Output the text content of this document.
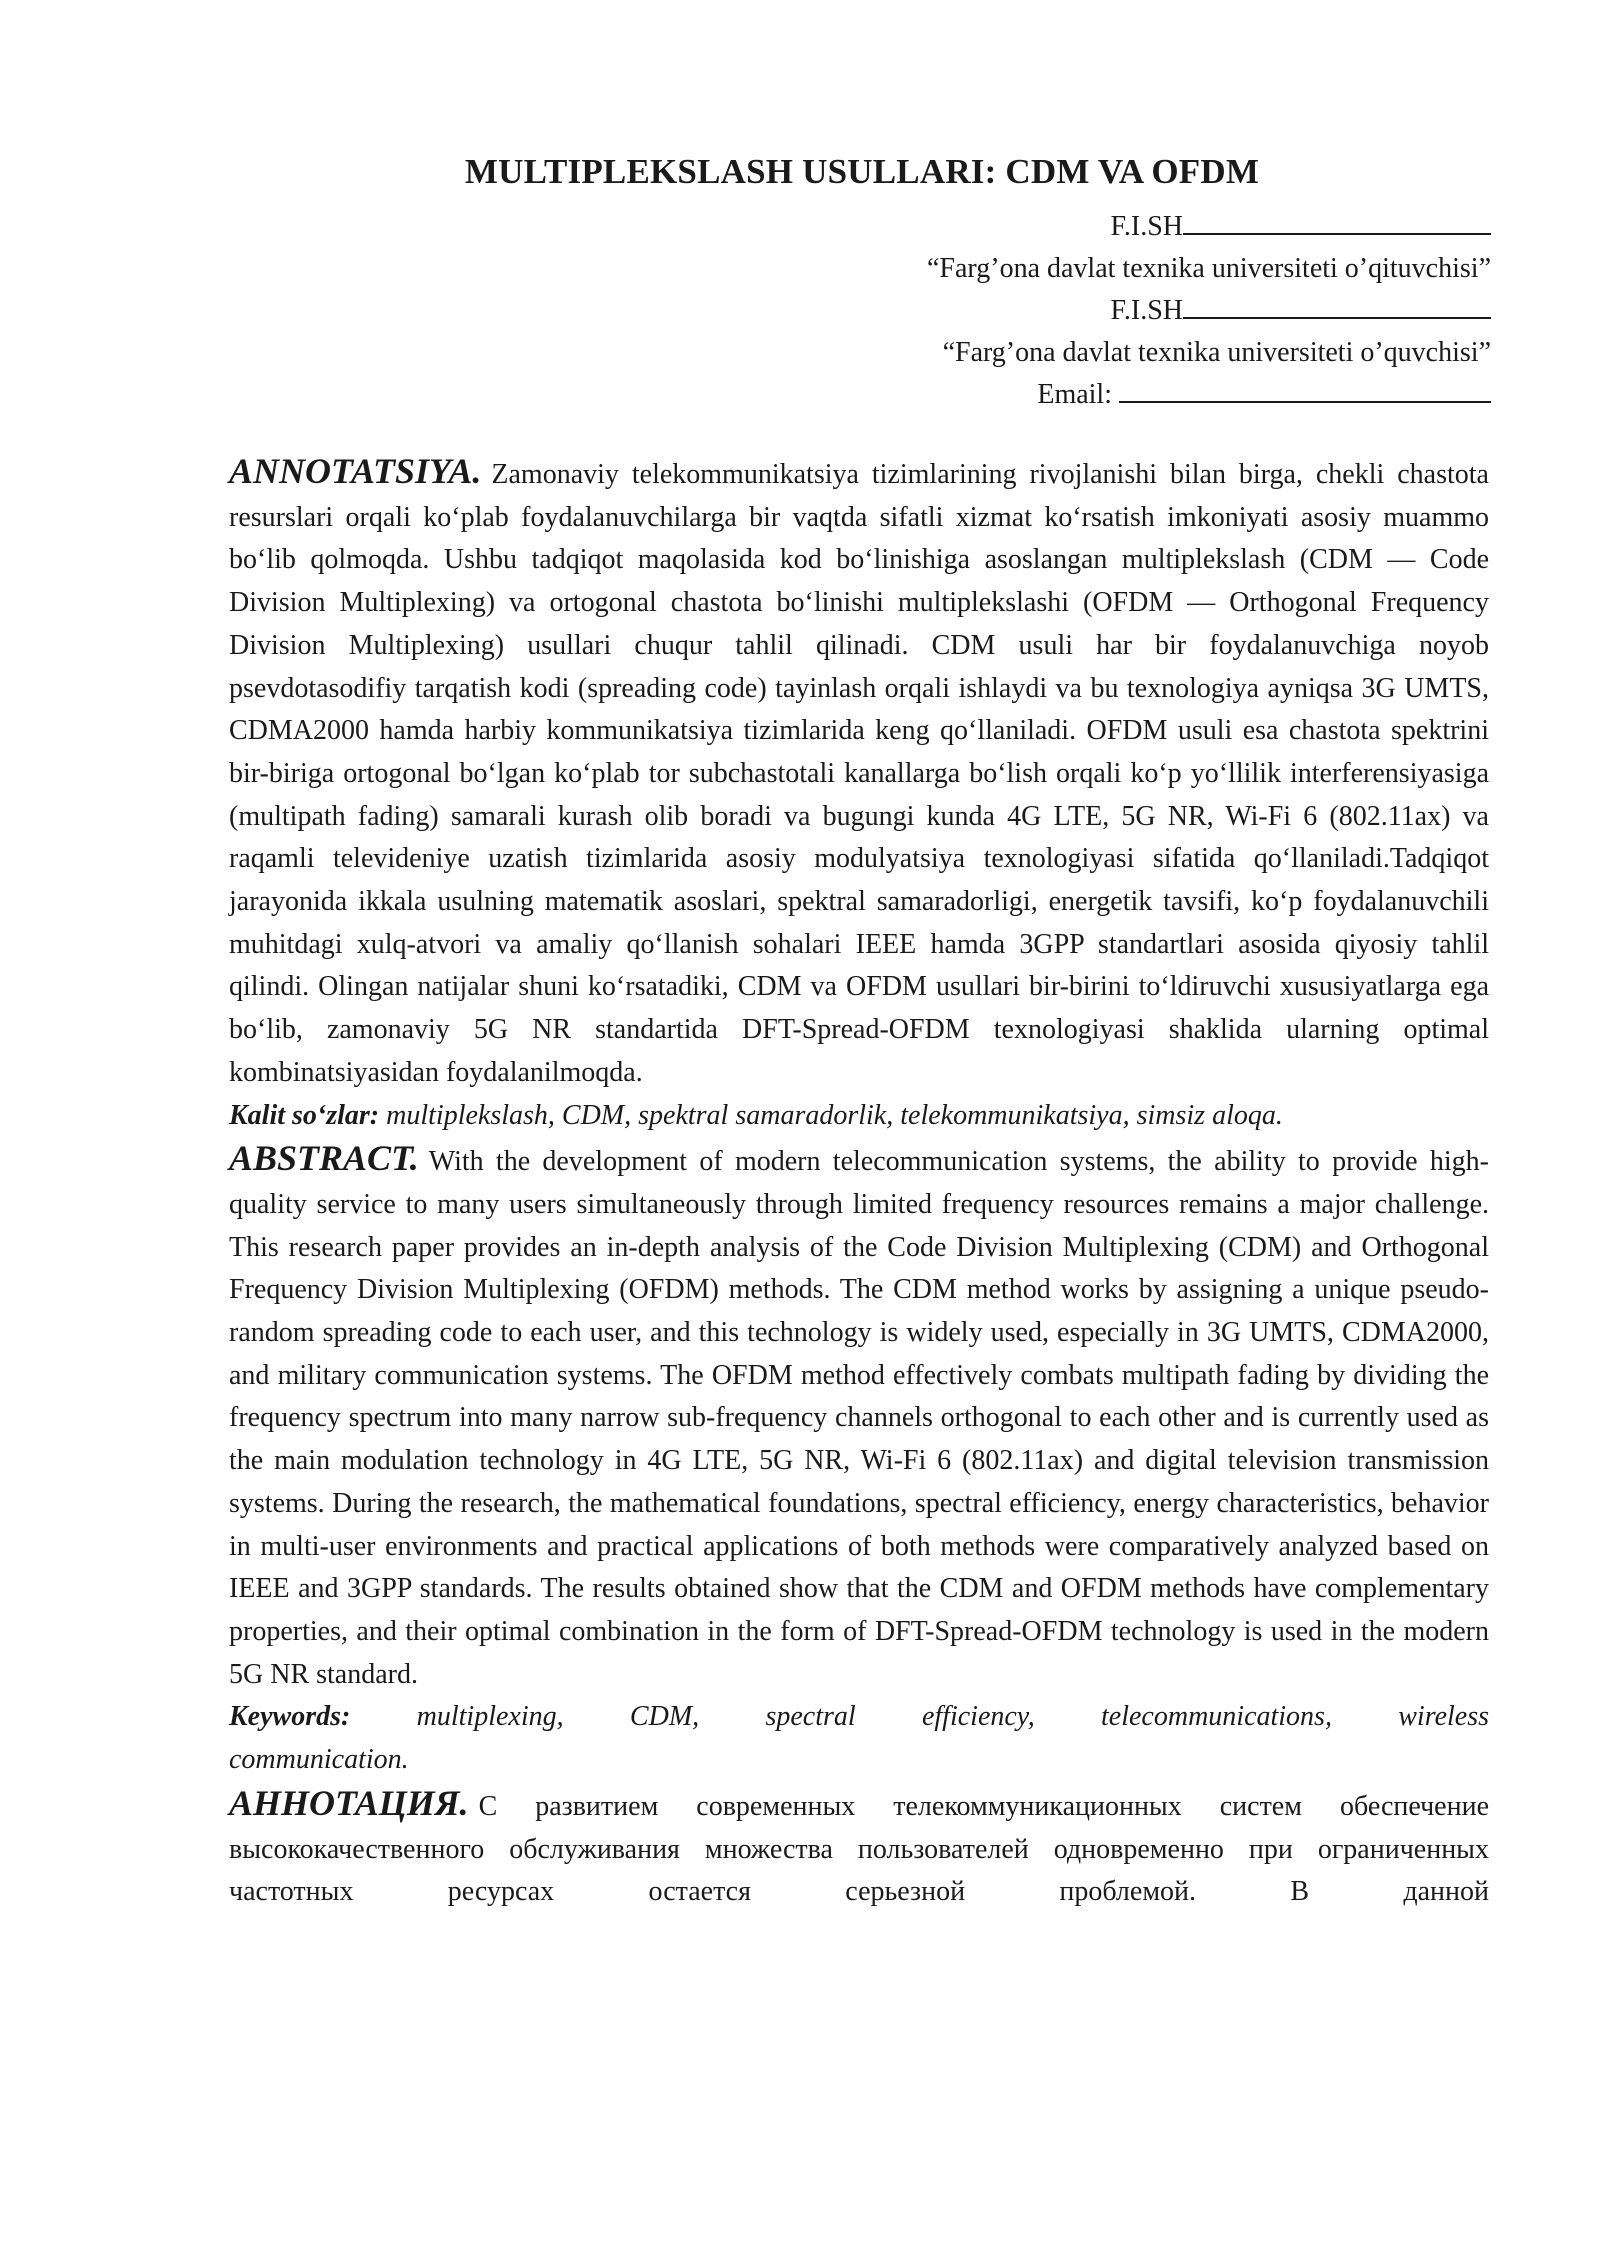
MULTIPLEKSLASH USULLARI: CDM VA OFDM
F.I.SH
“Farg’ona davlat texnika universiteti o’qituvchisi”
F.I.SH
“Farg’ona davlat texnika universiteti o’quvchisi”
Email:

ANNOTATSIYA. Zamonaviy telekommunikatsiya tizimlarining rivojlanishi bilan birga, chekli chastota resurslari orqali koʻplab foydalanuvchilarga bir vaqtda sifatli xizmat koʻrsatish imkoniyati asosiy muammo boʻlib qolmoqda. Ushbu tadqiqot maqolasida kod boʻlinishiga asoslangan multiplekslash (CDM — Code Division Multiplexing) va ortogonal chastota boʻlinishi multiplekslashi (OFDM — Orthogonal Frequency Division Multiplexing) usullari chuqur tahlil qilinadi. CDM usuli har bir foydalanuvchiga noyob psevdotasodifiy tarqatish kodi (spreading code) tayinlash orqali ishlaydi va bu texnologiya ayniqsa 3G UMTS, CDMA2000 hamda harbiy kommunikatsiya tizimlarida keng qoʻllaniladi. OFDM usuli esa chastota spektrini bir-biriga ortogonal boʻlgan koʻplab tor subchastotali kanallarga boʻlish orqali koʻp yoʻllilik interferensiyasiga (multipath fading) samarali kurash olib boradi va bugungi kunda 4G LTE, 5G NR, Wi-Fi 6 (802.11ax) va raqamli televideniye uzatish tizimlarida asosiy modulyatsiya texnologiyasi sifatida qoʻllaniladi.Tadqiqot jarayonida ikkala usulning matematik asoslari, spektral samaradorligi, energetik tavsifi, koʻp foydalanuvchili muhitdagi xulq-atvori va amaliy qoʻllanish sohalari IEEE hamda 3GPP standartlari asosida qiyosiy tahlil qilindi. Olingan natijalar shuni koʻrsatadiki, CDM va OFDM usullari bir-birini toʻldiruvchi xususiyatlarga ega boʻlib, zamonaviy 5G NR standartida DFT-Spread-OFDM texnologiyasi shaklida ularning optimal kombinatsiyasidan foydalanilmoqda.

Kalit soʻzlar: multiplekslash, CDM, spektral samaradorlik, telekommunikatsiya, simsiz aloqa.

ABSTRACT. With the development of modern telecommunication systems, the ability to provide high-quality service to many users simultaneously through limited frequency resources remains a major challenge. This research paper provides an in-depth analysis of the Code Division Multiplexing (CDM) and Orthogonal Frequency Division Multiplexing (OFDM) methods. The CDM method works by assigning a unique pseudo-random spreading code to each user, and this technology is widely used, especially in 3G UMTS, CDMA2000, and military communication systems. The OFDM method effectively combats multipath fading by dividing the frequency spectrum into many narrow sub-frequency channels orthogonal to each other and is currently used as the main modulation technology in 4G LTE, 5G NR, Wi-Fi 6 (802.11ax) and digital television transmission systems. During the research, the mathematical foundations, spectral efficiency, energy characteristics, behavior in multi-user environments and practical applications of both methods were comparatively analyzed based on IEEE and 3GPP standards. The results obtained show that the CDM and OFDM methods have complementary properties, and their optimal combination in the form of DFT-Spread-OFDM technology is used in the modern 5G NR standard.

Keywords: multiplexing, CDM, spectral efficiency, telecommunications, wireless

communication.

АННОТАЦИЯ. С развитием современных телекоммуникационных систем обеспечение высококачественного обслуживания множества пользователей одновременно при ограниченных частотных ресурсах остается серьезной проблемой. В данной
